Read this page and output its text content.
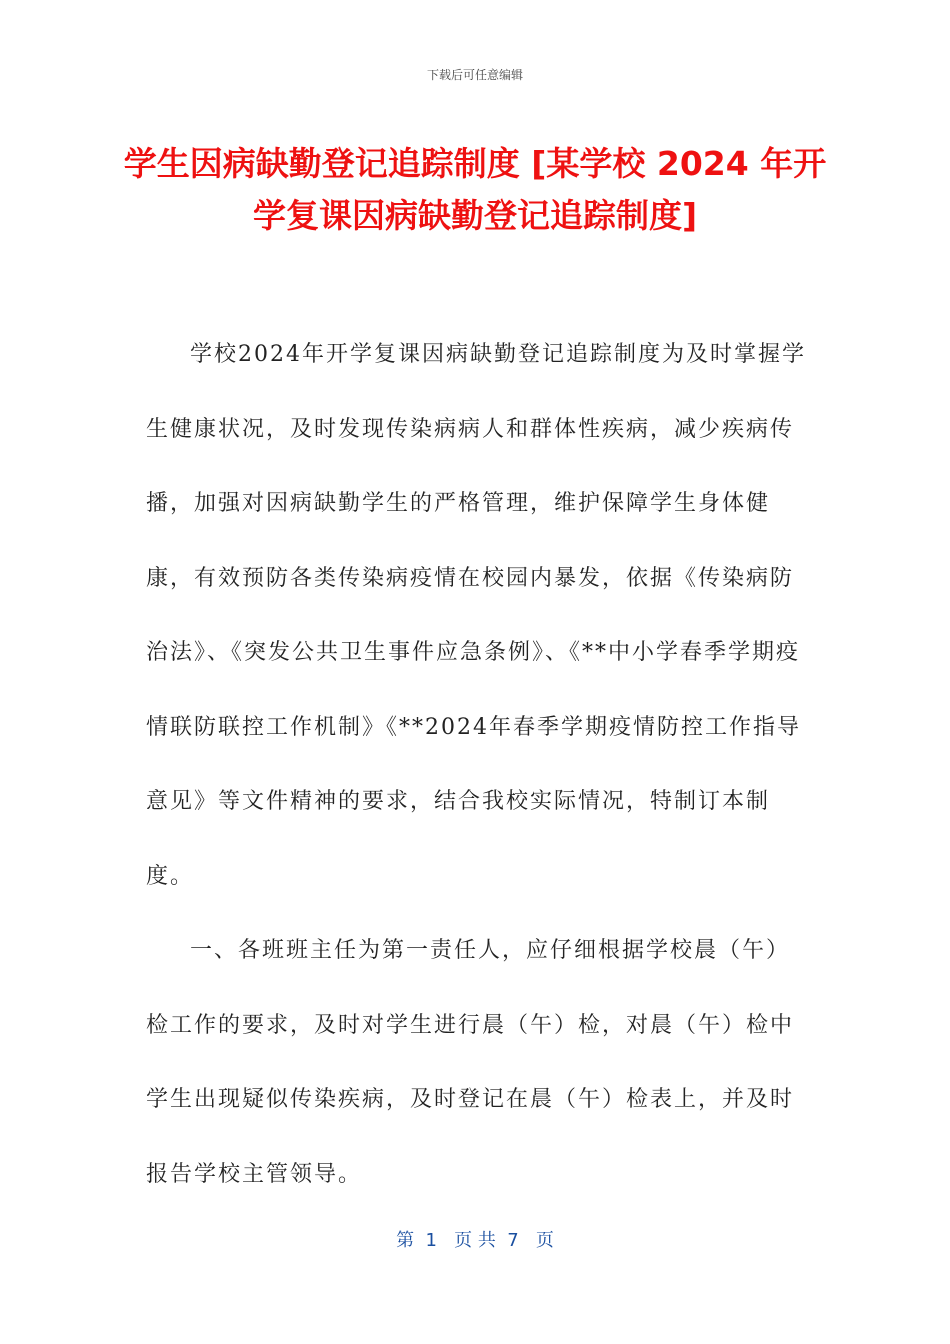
下载后可任意编辑
学生因病缺勤登记追踪制度 [某学校 2024 年开学复课因病缺勤登记追踪制度]

学校2024年开学复课因病缺勤登记追踪制度为及时掌握学生健康状况，及时发现传染病病人和群体性疾病，减少疾病传播，加强对因病缺勤学生的严格管理，维护保障学生身体健康，有效预防各类传染病疫情在校园内暴发，依据《传染病防治法》、《突发公共卫生事件应急条例》、《**中小学春季学期疫情联防联控工作机制》《**2024年春季学期疫情防控工作指导意见》等文件精神的要求，结合我校实际情况，特制订本制度。

一、各班班主任为第一责任人，应仔细根据学校晨（午）检工作的要求，及时对学生进行晨（午）检，对晨（午）检中学生出现疑似传染疾病，及时登记在晨（午）检表上，并及时报告学校主管领导。

第  1   页 共  7   页
